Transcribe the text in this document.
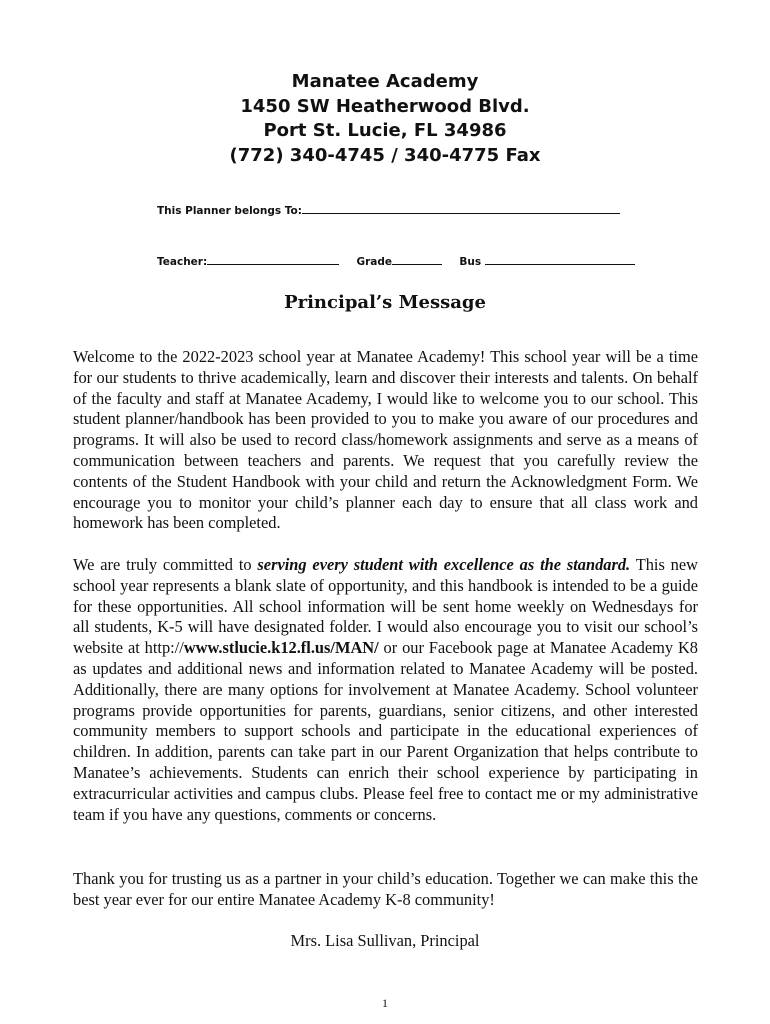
Manatee Academy
1450 SW Heatherwood Blvd.
Port St. Lucie, FL 34986
(772) 340-4745 / 340-4775 Fax
This Planner belongs To:
Teacher:	Grade	Bus
Principal’s Message

Welcome to the 2022-2023 school year at Manatee Academy! This school year will be a time for our students to thrive academically, learn and discover their interests and talents. On behalf of the faculty and staff at Manatee Academy, I would like to welcome you to our school. This student planner/handbook has been provided to you to make you aware of our procedures and programs. It will also be used to record class/homework assignments and serve as a means of communication between teachers and parents. We request that you carefully review the contents of the Student Handbook with your child and return the Acknowledgment Form. We encourage you to monitor your child’s planner each day to ensure that all class work and homework has been completed.

We are truly committed to serving every student with excellence as the standard. This new school year represents a blank slate of opportunity, and this handbook is intended to be a guide for these opportunities. All school information will be sent home weekly on Wednesdays for all students, K-5 will have designated folder. I would also encourage you to visit our school’s website at http://www.stlucie.k12.fl.us/MAN/ or our Facebook page at Manatee Academy K8 as updates and additional news and information related to Manatee Academy will be posted. Additionally, there are many options for involvement at Manatee Academy. School volunteer programs provide opportunities for parents, guardians, senior citizens, and other interested community members to support schools and participate in the educational experiences of children. In addition, parents can take part in our Parent Organization that helps contribute to Manatee’s achievements. Students can enrich their school experience by participating in extracurricular activities and campus clubs. Please feel free to contact me or my administrative team if you have any questions, comments or concerns.

Thank you for trusting us as a partner in your child’s education. Together we can make this the best year ever for our entire Manatee Academy K-8 community!

Mrs. Lisa Sullivan, Principal
1
